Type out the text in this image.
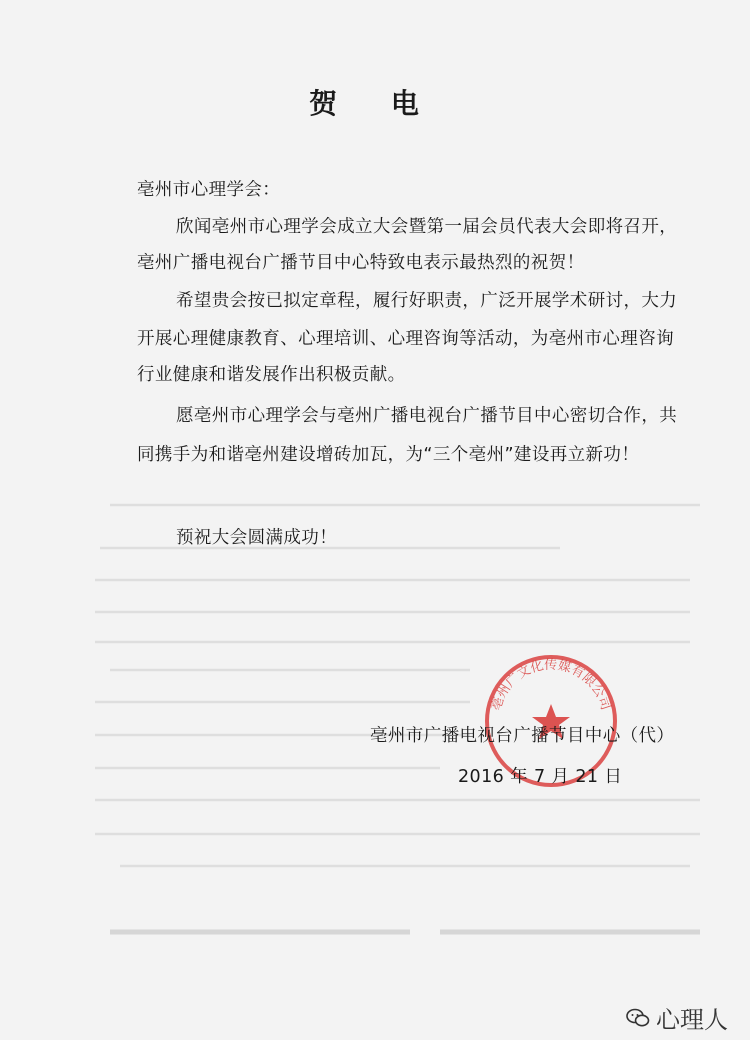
贺 电
亳州市心理学会：
欣闻亳州市心理学会成立大会暨第一届会员代表大会即将召开，
亳州广播电视台广播节目中心特致电表示最热烈的祝贺！
希望贵会按已拟定章程，履行好职责，广泛开展学术研讨，大力
开展心理健康教育、心理培训、心理咨询等活动，为亳州市心理咨询
行业健康和谐发展作出积极贡献。
愿亳州市心理学会与亳州广播电视台广播节目中心密切合作，共
同携手为和谐亳州建设增砖加瓦，为“三个亳州”建设再立新功！
预祝大会圆满成功！
亳州广文化传媒有限公司
亳州市广播电视台广播节目中心（代）
2016 年 7 月 21 日
心理人
